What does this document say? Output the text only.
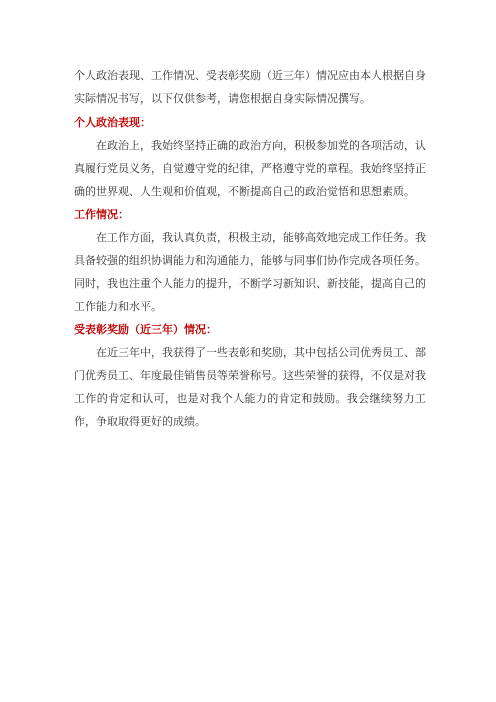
个人政治表现、工作情况、受表彰奖励（近三年）情况应由本人根据自身实际情况书写，以下仅供参考，请您根据自身实际情况撰写。

个人政治表现：

在政治上，我始终坚持正确的政治方向，积极参加党的各项活动，认真履行党员义务，自觉遵守党的纪律，严格遵守党的章程。我始终坚持正确的世界观、人生观和价值观，不断提高自己的政治觉悟和思想素质。

工作情况：

在工作方面，我认真负责，积极主动，能够高效地完成工作任务。我具备较强的组织协调能力和沟通能力，能够与同事们协作完成各项任务。同时，我也注重个人能力的提升，不断学习新知识、新技能，提高自己的工作能力和水平。

受表彰奖励（近三年）情况：

在近三年中，我获得了一些表彰和奖励，其中包括公司优秀员工、部门优秀员工、年度最佳销售员等荣誉称号。这些荣誉的获得，不仅是对我工作的肯定和认可，也是对我个人能力的肯定和鼓励。我会继续努力工作，争取取得更好的成绩。
